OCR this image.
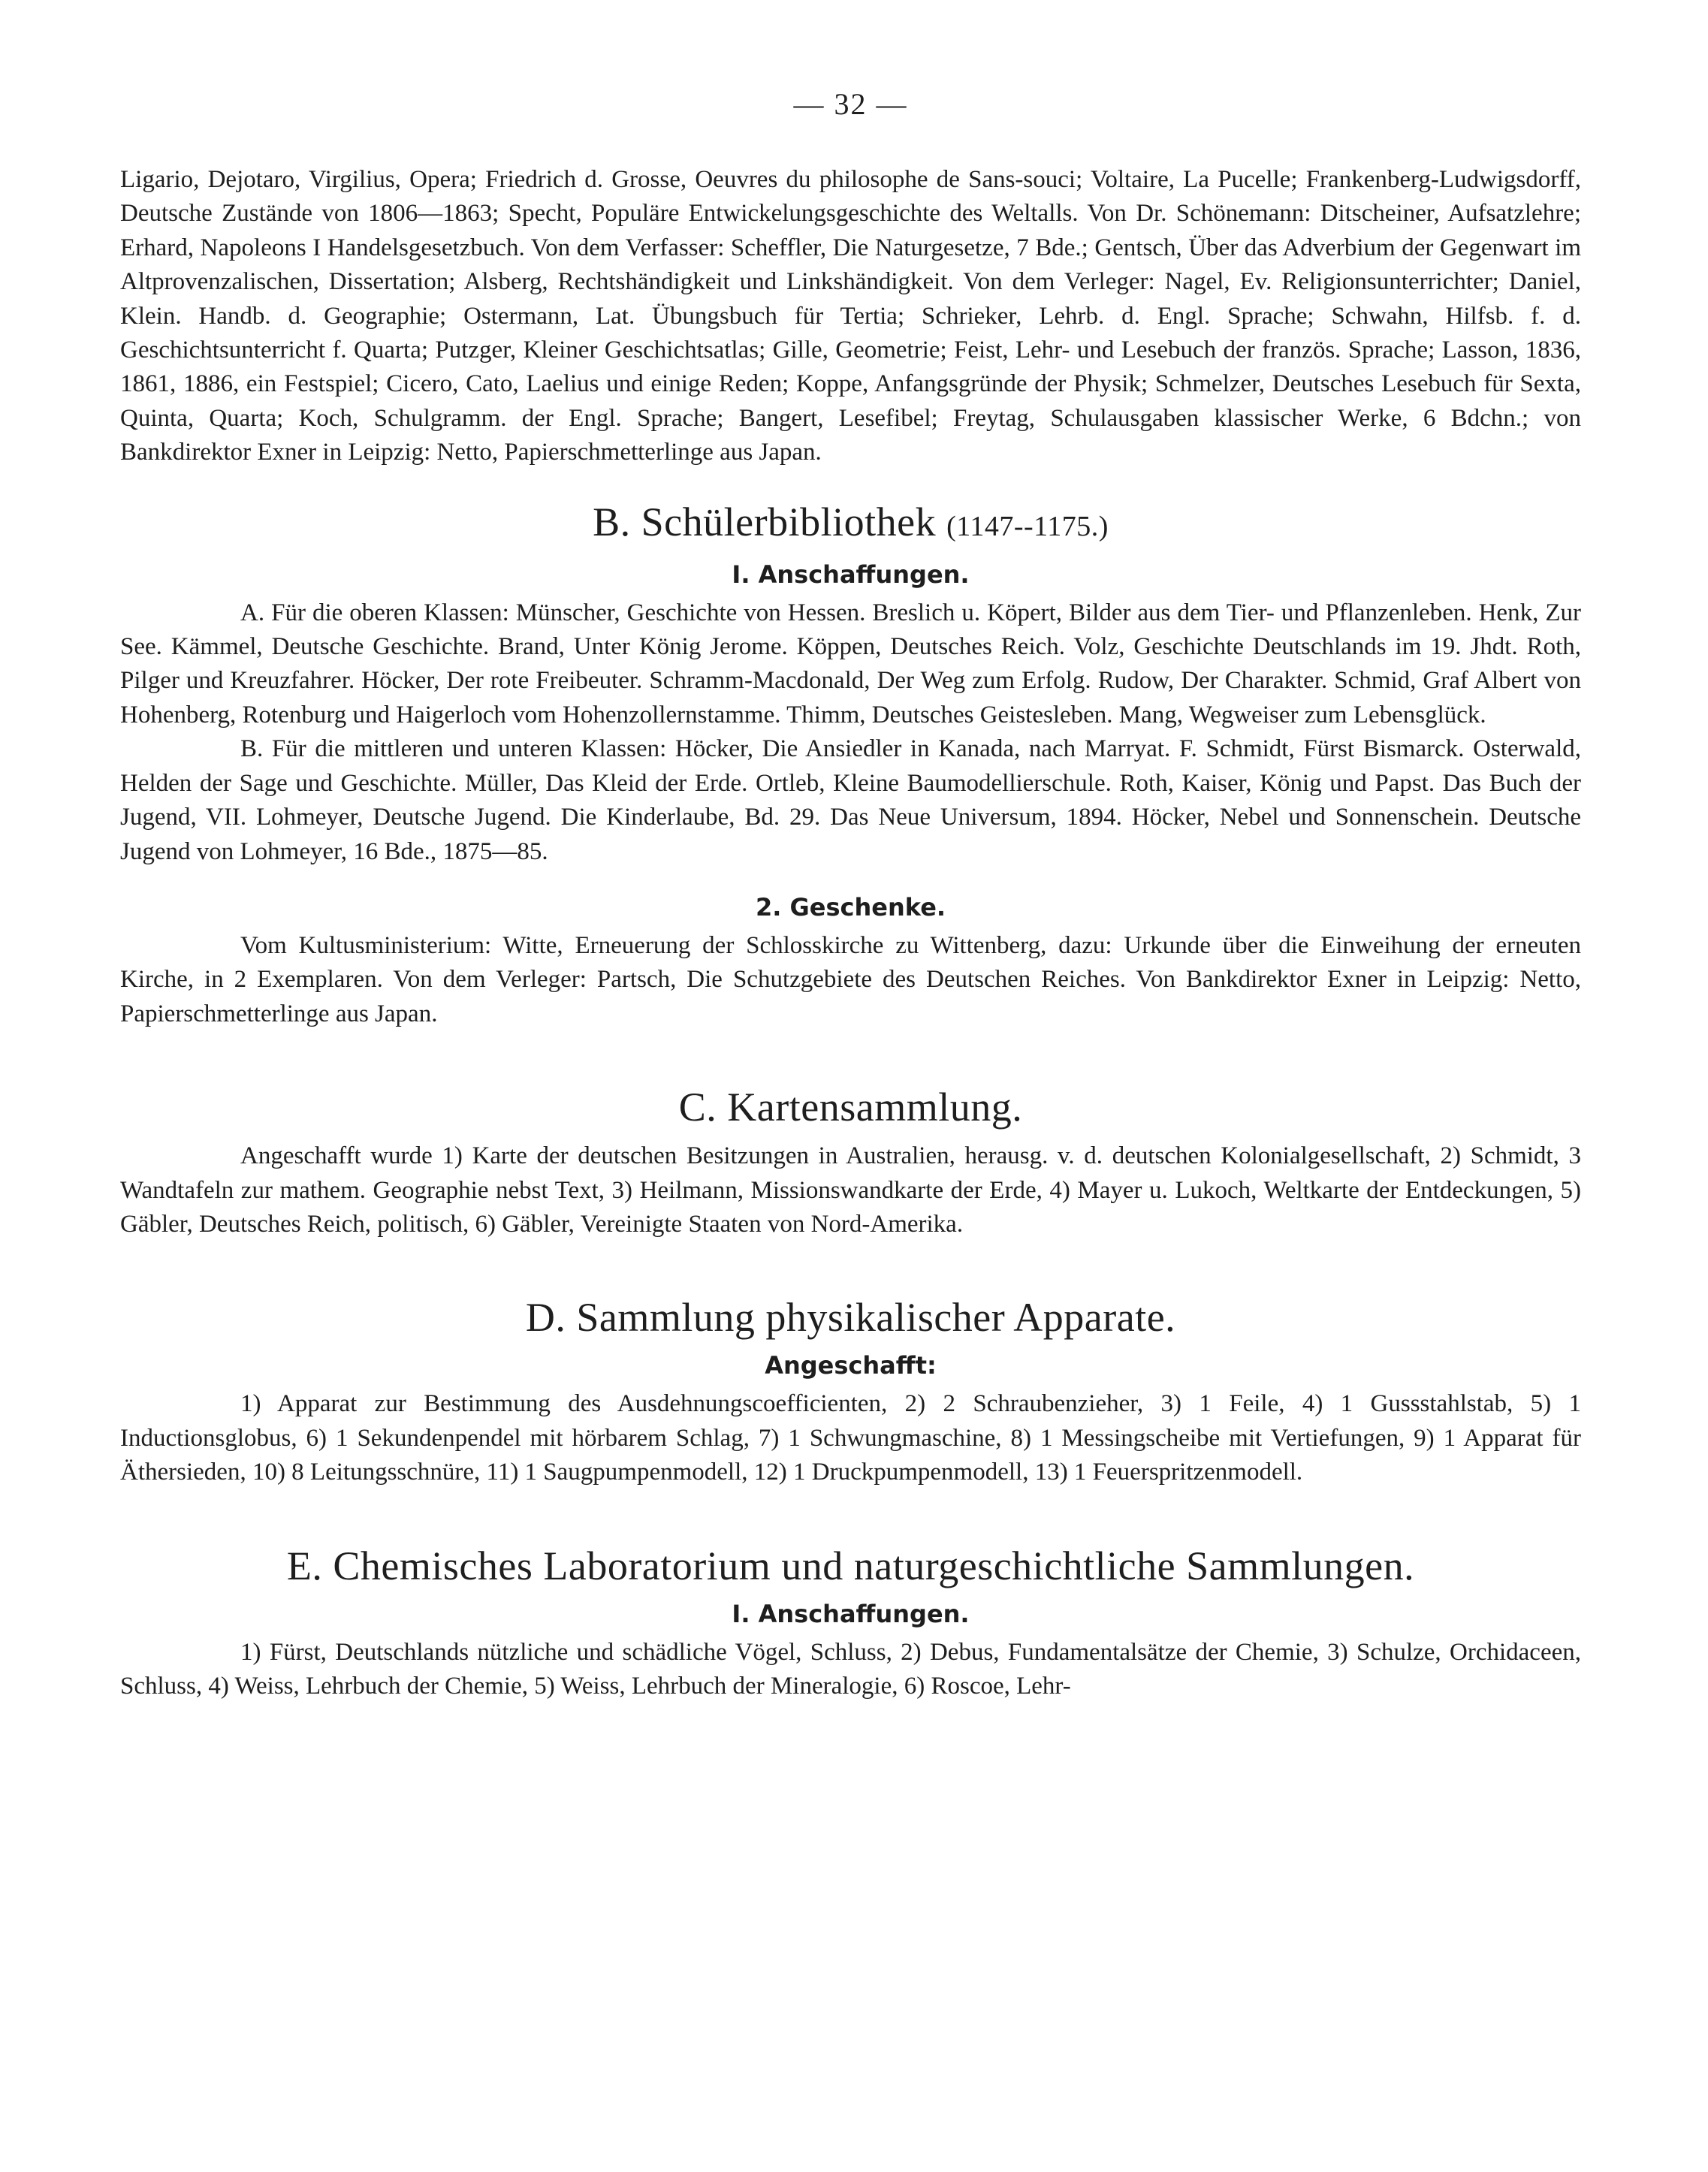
— 32 —

Ligario, Dejotaro, Virgilius, Opera; Friedrich d. Grosse, Oeuvres du philosophe de Sans-souci; Voltaire, La Pucelle; Frankenberg-Ludwigsdorff, Deutsche Zustände von 1806—1863; Specht, Populäre Entwickelungsgeschichte des Weltalls. Von Dr. Schönemann: Ditscheiner, Aufsatzlehre; Erhard, Napoleons I Handelsgesetzbuch. Von dem Verfasser: Scheffler, Die Naturgesetze, 7 Bde.; Gentsch, Über das Adverbium der Gegenwart im Altprovenzalischen, Dissertation; Alsberg, Rechtshändigkeit und Linkshändigkeit. Von dem Verleger: Nagel, Ev. Religionsunterrichter; Daniel, Klein. Handb. d. Geographie; Ostermann, Lat. Übungsbuch für Tertia; Schrieker, Lehrb. d. Engl. Sprache; Schwahn, Hilfsb. f. d. Geschichtsunterricht f. Quarta; Putzger, Kleiner Geschichtsatlas; Gille, Geometrie; Feist, Lehr- und Lesebuch der französ. Sprache; Lasson, 1836, 1861, 1886, ein Festspiel; Cicero, Cato, Laelius und einige Reden; Koppe, Anfangsgründe der Physik; Schmelzer, Deutsches Lesebuch für Sexta, Quinta, Quarta; Koch, Schulgramm. der Engl. Sprache; Bangert, Lesefibel; Freytag, Schulausgaben klassischer Werke, 6 Bdchn.; von Bankdirektor Exner in Leipzig: Netto, Papierschmetterlinge aus Japan.

B. Schülerbibliothek (1147--1175.)
I. Anschaffungen.

A. Für die oberen Klassen: Münscher, Geschichte von Hessen. Breslich u. Köpert, Bilder aus dem Tier- und Pflanzenleben. Henk, Zur See. Kämmel, Deutsche Geschichte. Brand, Unter König Jerome. Köppen, Deutsches Reich. Volz, Geschichte Deutschlands im 19. Jhdt. Roth, Pilger und Kreuzfahrer. Höcker, Der rote Freibeuter. Schramm-Macdonald, Der Weg zum Erfolg. Rudow, Der Charakter. Schmid, Graf Albert von Hohenberg, Rotenburg und Haigerloch vom Hohenzollernstamme. Thimm, Deutsches Geistesleben. Mang, Wegweiser zum Lebensglück.

B. Für die mittleren und unteren Klassen: Höcker, Die Ansiedler in Kanada, nach Marryat. F. Schmidt, Fürst Bismarck. Osterwald, Helden der Sage und Geschichte. Müller, Das Kleid der Erde. Ortleb, Kleine Baumodellierschule. Roth, Kaiser, König und Papst. Das Buch der Jugend, VII. Lohmeyer, Deutsche Jugend. Die Kinderlaube, Bd. 29. Das Neue Universum, 1894. Höcker, Nebel und Sonnenschein. Deutsche Jugend von Lohmeyer, 16 Bde., 1875—85.

2. Geschenke.

Vom Kultusministerium: Witte, Erneuerung der Schlosskirche zu Wittenberg, dazu: Urkunde über die Einweihung der erneuten Kirche, in 2 Exemplaren. Von dem Verleger: Partsch, Die Schutzgebiete des Deutschen Reiches. Von Bankdirektor Exner in Leipzig: Netto, Papierschmetterlinge aus Japan.

C. Kartensammlung.

Angeschafft wurde 1) Karte der deutschen Besitzungen in Australien, herausg. v. d. deutschen Kolonialgesellschaft, 2) Schmidt, 3 Wandtafeln zur mathem. Geographie nebst Text, 3) Heilmann, Missionswandkarte der Erde, 4) Mayer u. Lukoch, Weltkarte der Entdeckungen, 5) Gäbler, Deutsches Reich, politisch, 6) Gäbler, Vereinigte Staaten von Nord-Amerika.

D. Sammlung physikalischer Apparate.
Angeschafft:

1) Apparat zur Bestimmung des Ausdehnungscoefficienten, 2) 2 Schraubenzieher, 3) 1 Feile, 4) 1 Gussstahlstab, 5) 1 Inductionsglobus, 6) 1 Sekundenpendel mit hörbarem Schlag, 7) 1 Schwungmaschine, 8) 1 Messingscheibe mit Vertiefungen, 9) 1 Apparat für Äthersieden, 10) 8 Leitungsschnüre, 11) 1 Saugpumpenmodell, 12) 1 Druckpumpenmodell, 13) 1 Feuerspritzenmodell.

E. Chemisches Laboratorium und naturgeschichtliche Sammlungen.
I. Anschaffungen.

1) Fürst, Deutschlands nützliche und schädliche Vögel, Schluss, 2) Debus, Fundamentalsätze der Chemie, 3) Schulze, Orchidaceen, Schluss, 4) Weiss, Lehrbuch der Chemie, 5) Weiss, Lehrbuch der Mineralogie, 6) Roscoe, Lehr-
